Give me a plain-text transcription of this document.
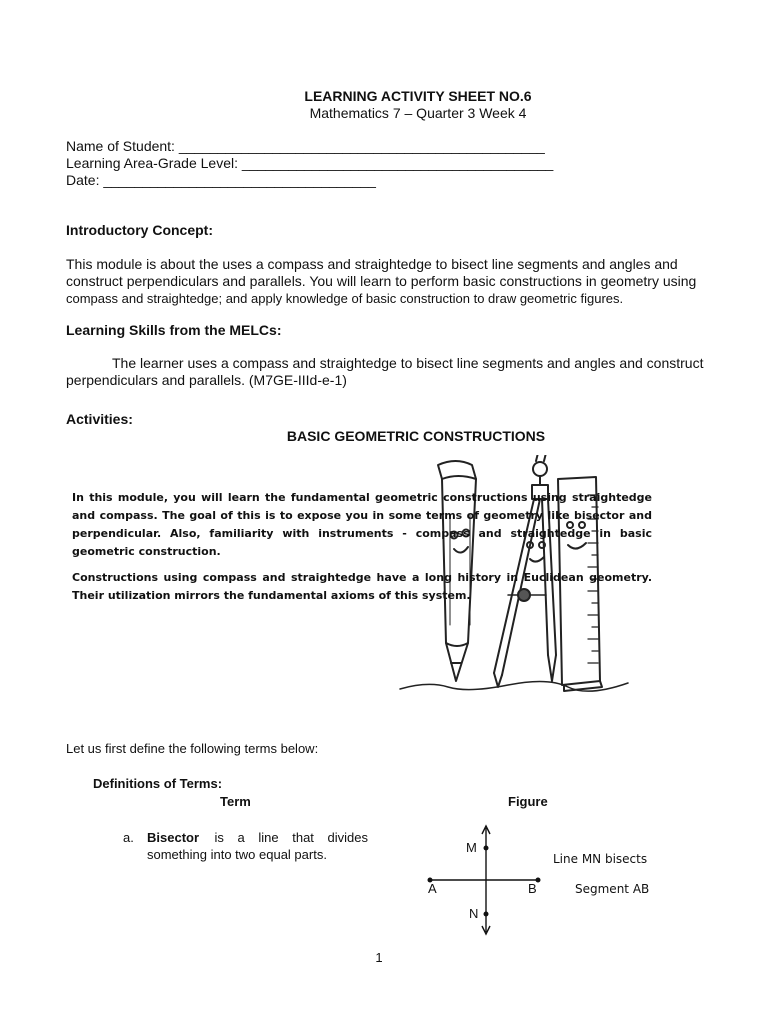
LEARNING ACTIVITY SHEET NO.6
Mathematics 7 – Quarter 3 Week 4
Name of Student: _______________________________________________
Learning Area-Grade Level: ________________________________________
Date: ___________________________________
Introductory Concept:
This module is about the uses a compass and straightedge to bisect line segments and angles and
construct perpendiculars and parallels. You will learn to perform basic constructions in geometry using
compass and straightedge; and apply knowledge of basic construction to draw geometric figures.
Learning Skills from the MELCs:
The learner uses a compass and straightedge to bisect line segments and angles and construct perpendiculars and parallels. (M7GE-IIId-e-1)
Activities:
BASIC GEOMETRIC CONSTRUCTIONS
In this module, you will learn the fundamental geometric constructions using straightedge and compass. The goal of this is to expose you in some terms of geometry like bisector and perpendicular. Also, familiarity with instruments - compass and straightedge in basic geometric construction.
Constructions using compass and straightedge have a long history in Euclidean geometry. Their utilization mirrors the fundamental axioms of this system.
Let us first define the following terms below:
Definitions of Terms:
Term	Figure
a. Bisector is a line that divides
something into two equal parts.	M
N
A	B
Line MN bisects
Segment AB
1
